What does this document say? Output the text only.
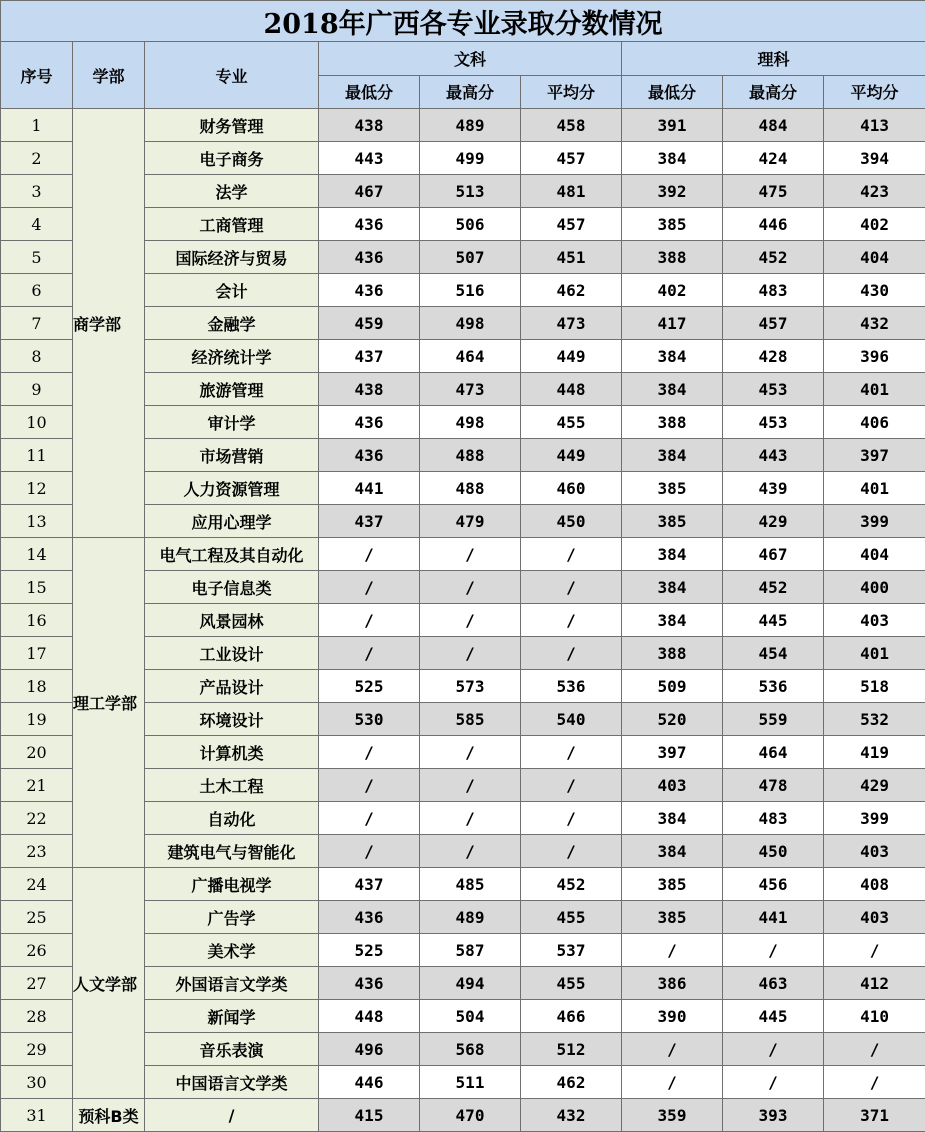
2018年广西各专业录取分数情况								
序号	学部	专业	文科			理科		
			最低分	最高分	平均分	最低分	最高分	平均分
1	商学部	财务管理	438	489	458	391	484	413
2		电子商务	443	499	457	384	424	394
3		法学	467	513	481	392	475	423
4		工商管理	436	506	457	385	446	402
5		国际经济与贸易	436	507	451	388	452	404
6		会计	436	516	462	402	483	430
7		金融学	459	498	473	417	457	432
8		经济统计学	437	464	449	384	428	396
9		旅游管理	438	473	448	384	453	401
10		审计学	436	498	455	388	453	406
11		市场营销	436	488	449	384	443	397
12		人力资源管理	441	488	460	385	439	401
13		应用心理学	437	479	450	385	429	399
14	理工学部	电气工程及其自动化	/	/	/	384	467	404
15		电子信息类	/	/	/	384	452	400
16		风景园林	/	/	/	384	445	403
17		工业设计	/	/	/	388	454	401
18		产品设计	525	573	536	509	536	518
19		环境设计	530	585	540	520	559	532
20		计算机类	/	/	/	397	464	419
21		土木工程	/	/	/	403	478	429
22		自动化	/	/	/	384	483	399
23		建筑电气与智能化	/	/	/	384	450	403
24	人文学部	广播电视学	437	485	452	385	456	408
25		广告学	436	489	455	385	441	403
26		美术学	525	587	537	/	/	/
27		外国语言文学类	436	494	455	386	463	412
28		新闻学	448	504	466	390	445	410
29		音乐表演	496	568	512	/	/	/
30		中国语言文学类	446	511	462	/	/	/
31	预科B类	/	415	470	432	359	393	371
